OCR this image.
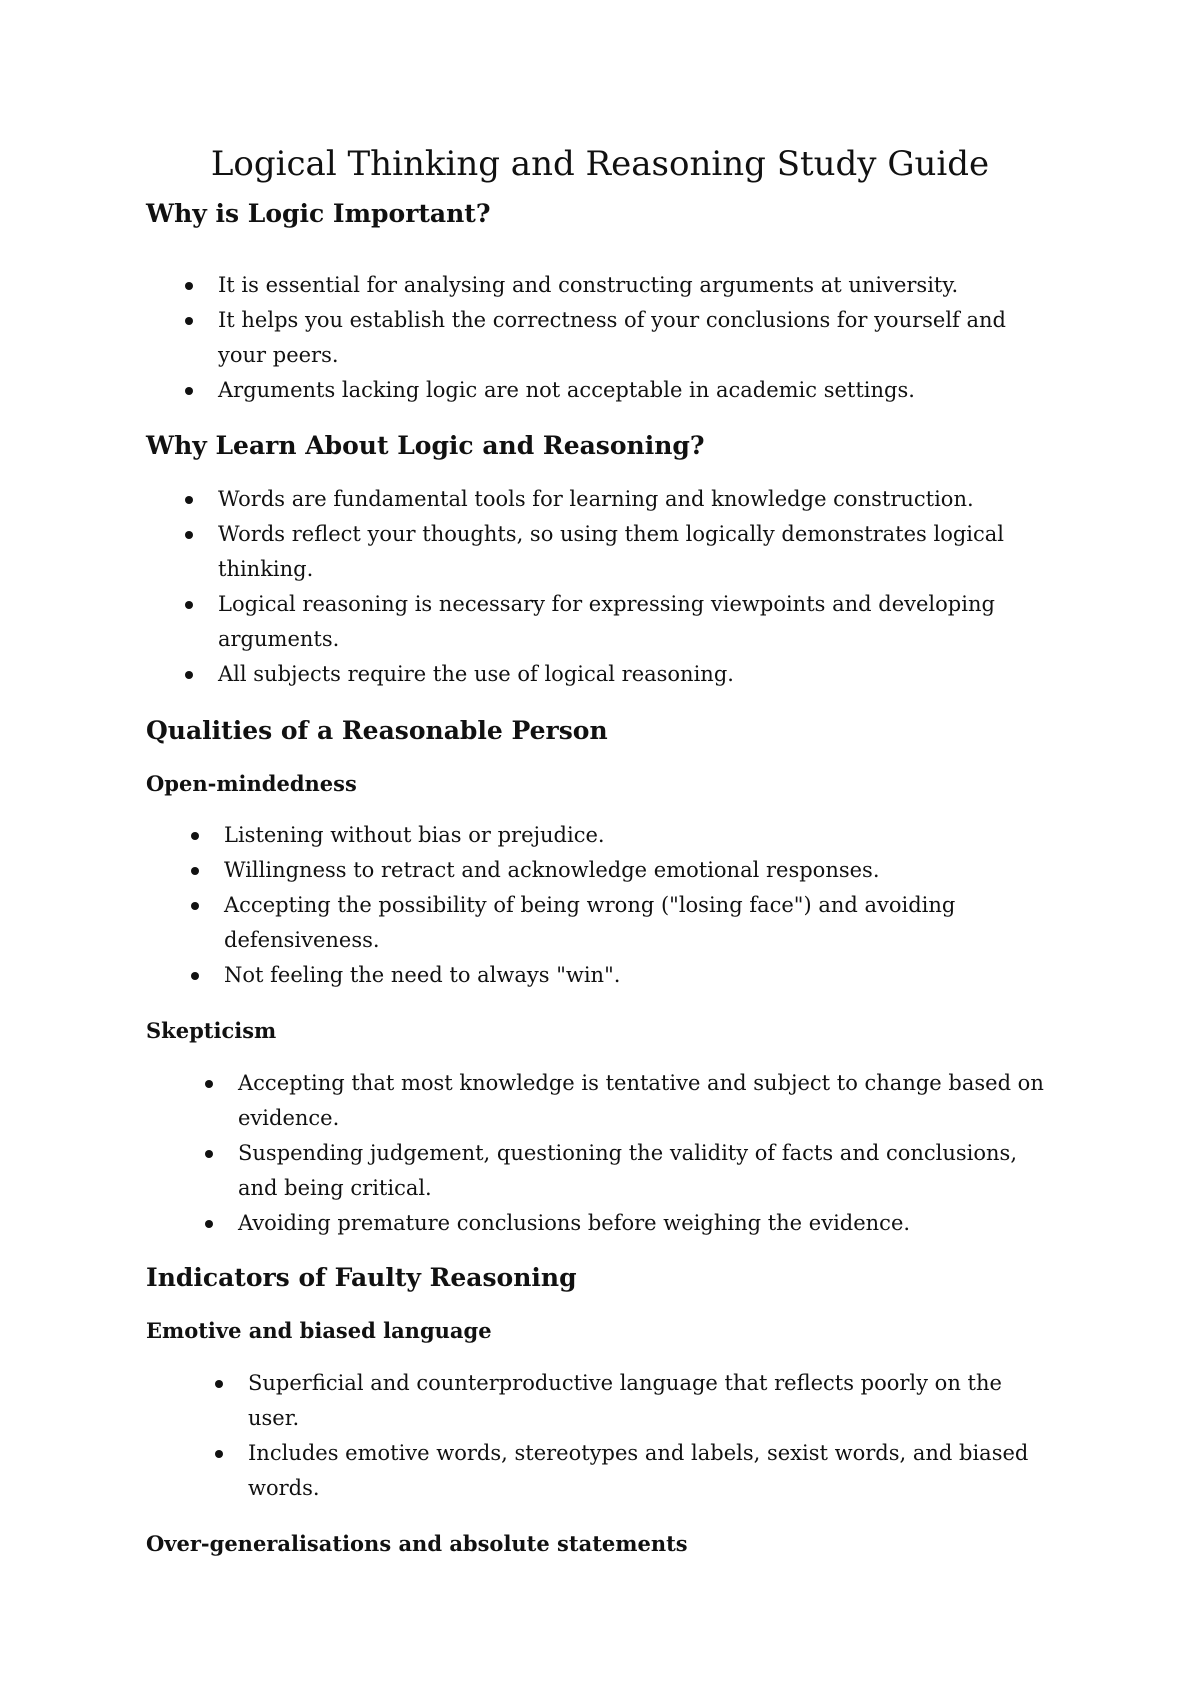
Logical Thinking and Reasoning Study Guide
Why is Logic Important?
It is essential for analysing and constructing arguments at university.
It helps you establish the correctness of your conclusions for yourself and your peers.
Arguments lacking logic are not acceptable in academic settings.
Why Learn About Logic and Reasoning?
Words are fundamental tools for learning and knowledge construction.
Words reflect your thoughts, so using them logically demonstrates logical thinking.
Logical reasoning is necessary for expressing viewpoints and developing arguments.
All subjects require the use of logical reasoning.
Qualities of a Reasonable Person
Open-mindedness
Listening without bias or prejudice.
Willingness to retract and acknowledge emotional responses.
Accepting the possibility of being wrong ("losing face") and avoiding defensiveness.
Not feeling the need to always "win".
Skepticism
Accepting that most knowledge is tentative and subject to change based on evidence.
Suspending judgement, questioning the validity of facts and conclusions, and being critical.
Avoiding premature conclusions before weighing the evidence.
Indicators of Faulty Reasoning
Emotive and biased language
Superficial and counterproductive language that reflects poorly on the user.
Includes emotive words, stereotypes and labels, sexist words, and biased words.
Over-generalisations and absolute statements
